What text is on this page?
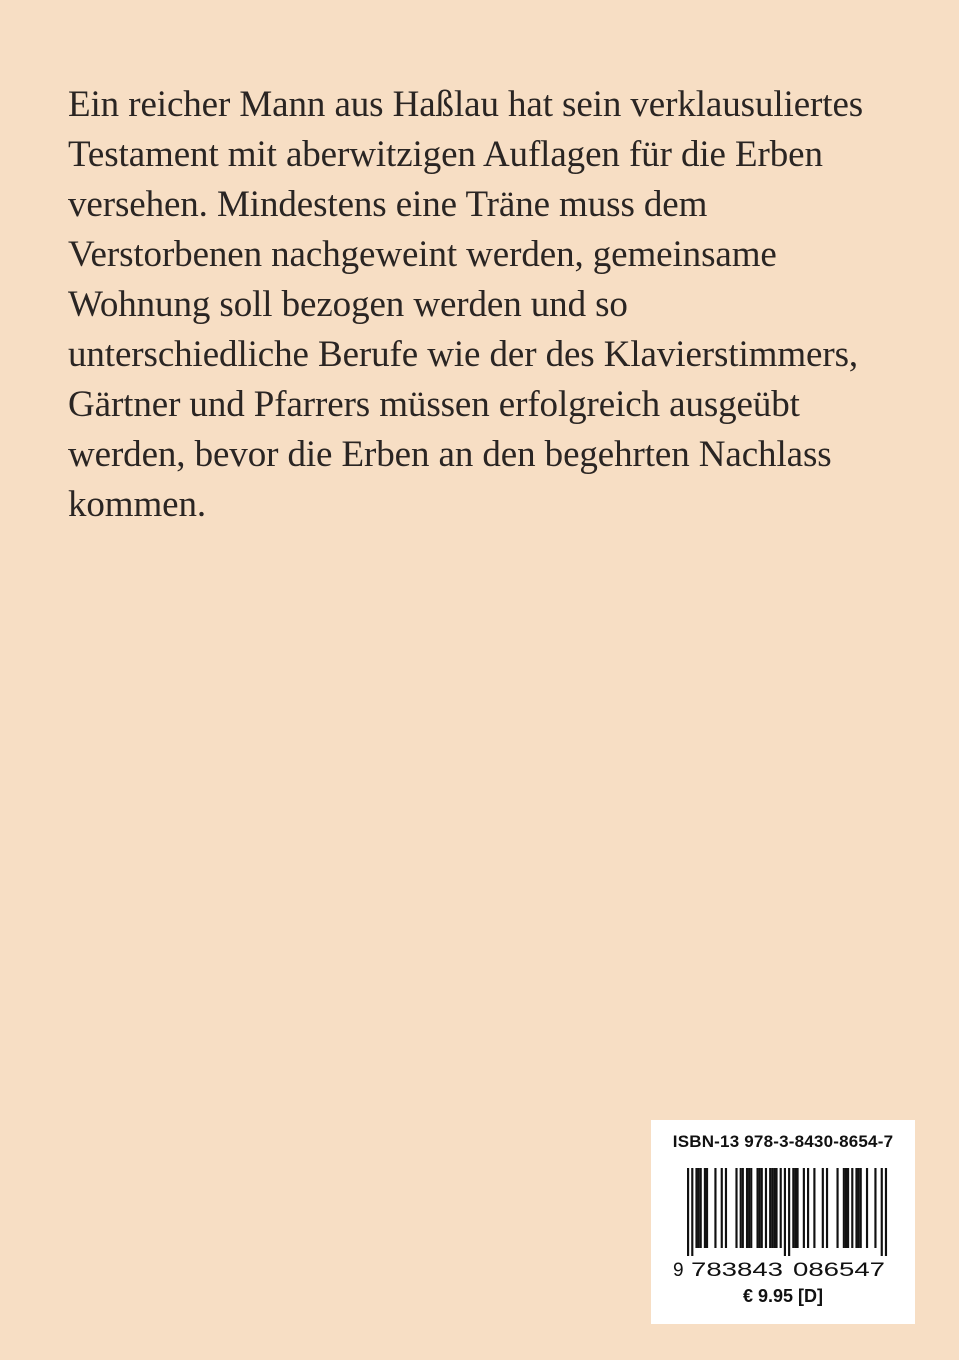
Ein reicher Mann aus Haßlau hat sein verklausuliertes
Testament mit aberwitzigen Auflagen für die Erben
versehen. Mindestens eine Träne muss dem
Verstorbenen nachgeweint werden, gemeinsame
Wohnung soll bezogen werden und so
unterschiedliche Berufe wie der des Klavierstimmers,
Gärtner und Pfarrers müssen erfolgreich ausgeübt
werden, bevor die Erben an den begehrten Nachlass
kommen.

ISBN-13 978-3-8430-8654-7
9 783843 086547
€ 9.95 [D]
